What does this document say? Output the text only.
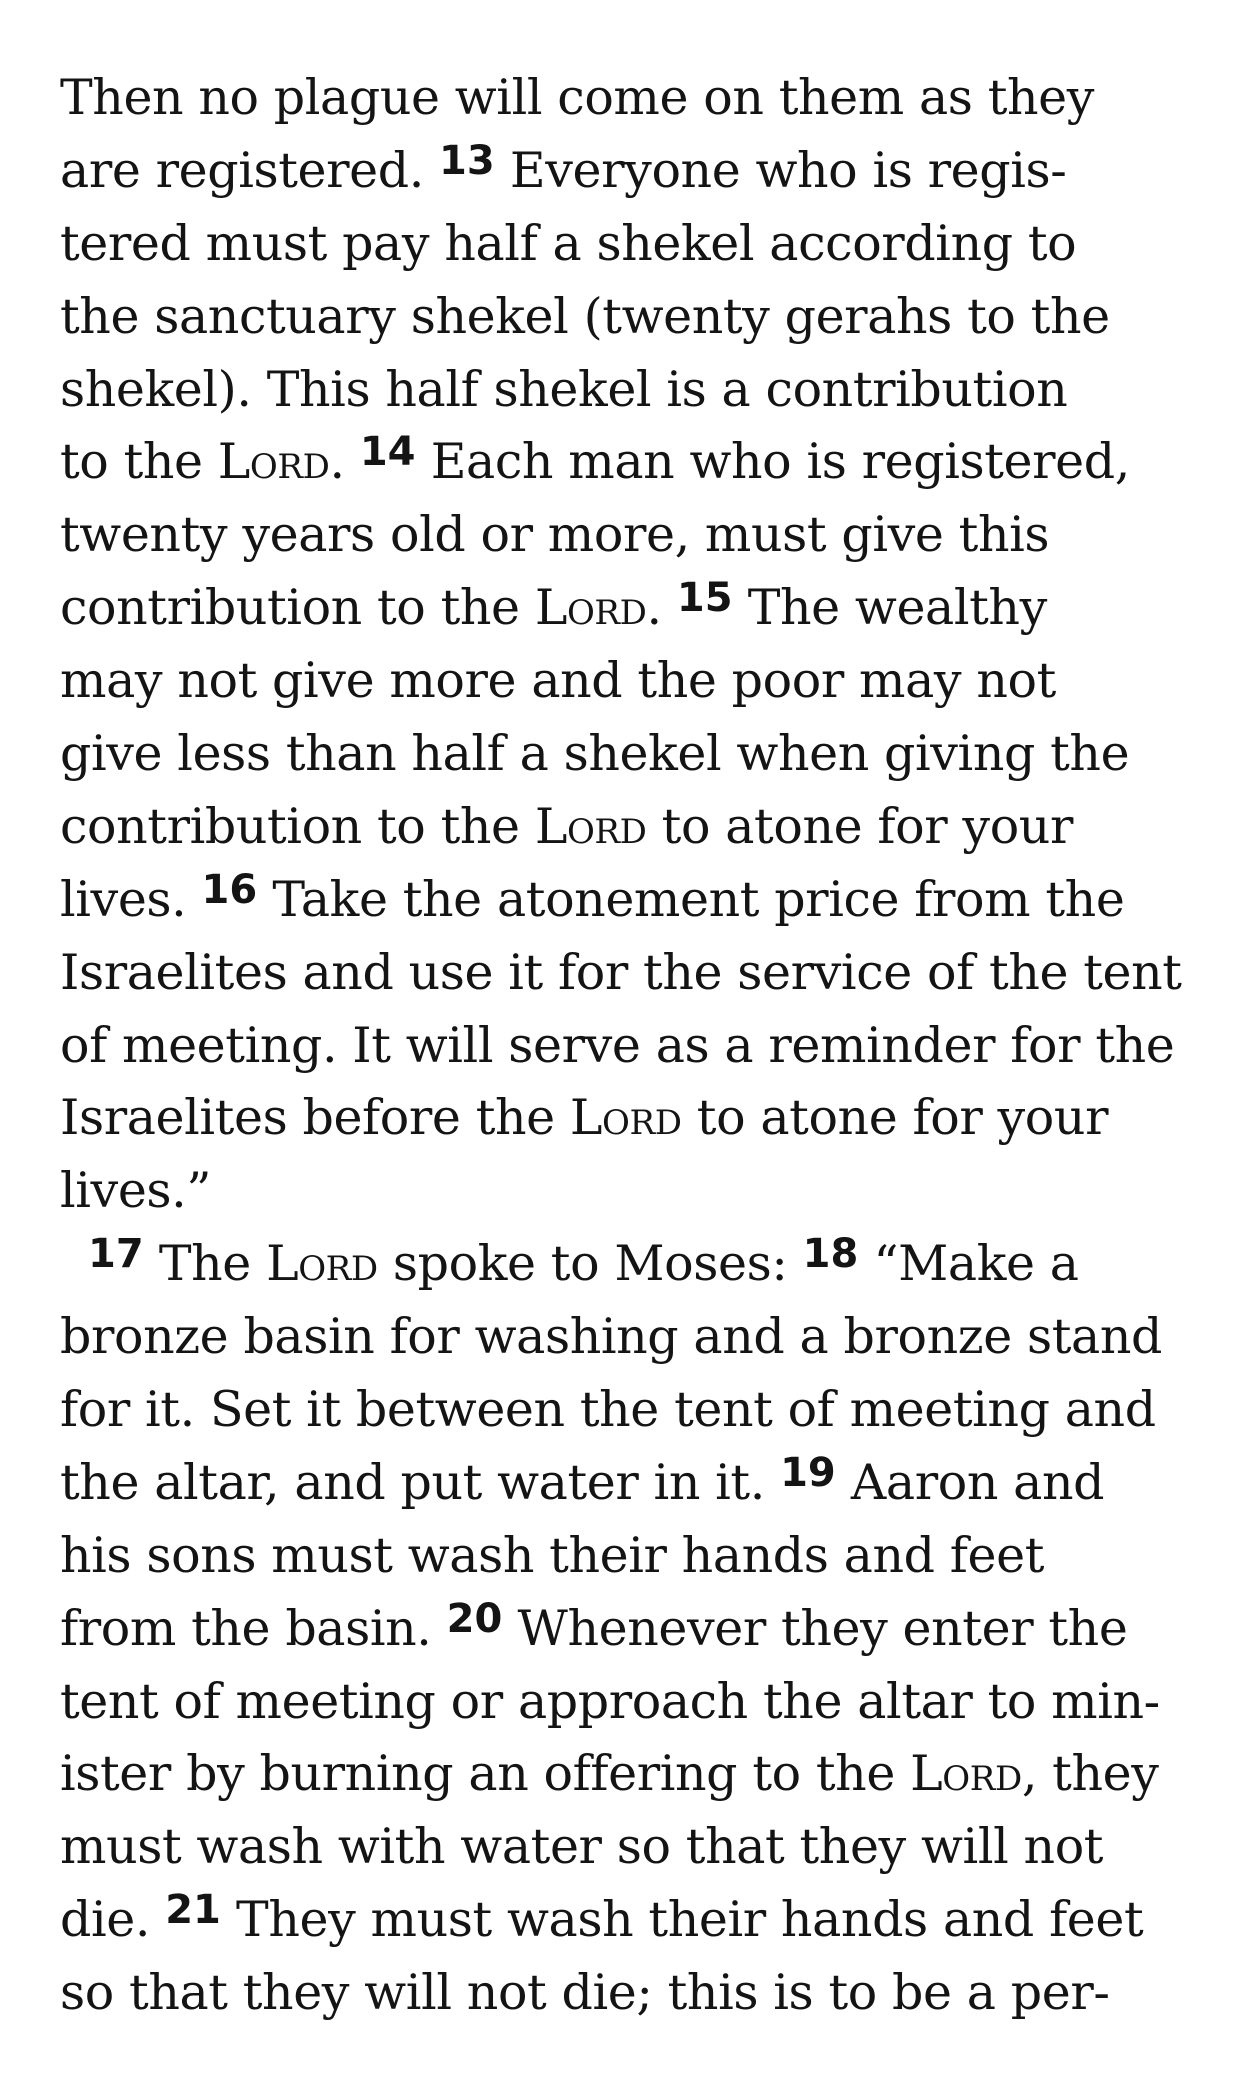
Then no plague will come on them as they
are registered. $^{13}$ Everyone who is regis-
tered must pay half a shekel according to
the sanctuary shekel (twenty gerahs to the
shekel). This half shekel is a contribution
to the Lord. $^{14}$ Each man who is registered,
twenty years old or more, must give this
contribution to the Lord. $^{15}$ The wealthy
may not give more and the poor may not
give less than half a shekel when giving the
contribution to the Lord to atone for your
lives. $^{16}$ Take the atonement price from the
Israelites and use it for the service of the tent
of meeting. It will serve as a reminder for the
Israelites before the Lord to atone for your
lives.”
$^{17}$ The Lord spoke to Moses: $^{18}$ “Make a
bronze basin for washing and a bronze stand
for it. Set it between the tent of meeting and
the altar, and put water in it. $^{19}$ Aaron and
his sons must wash their hands and feet
from the basin. $^{20}$ Whenever they enter the
tent of meeting or approach the altar to min-
ister by burning an offering to the Lord, they
must wash with water so that they will not
die. $^{21}$ They must wash their hands and feet
so that they will not die; this is to be a per-
